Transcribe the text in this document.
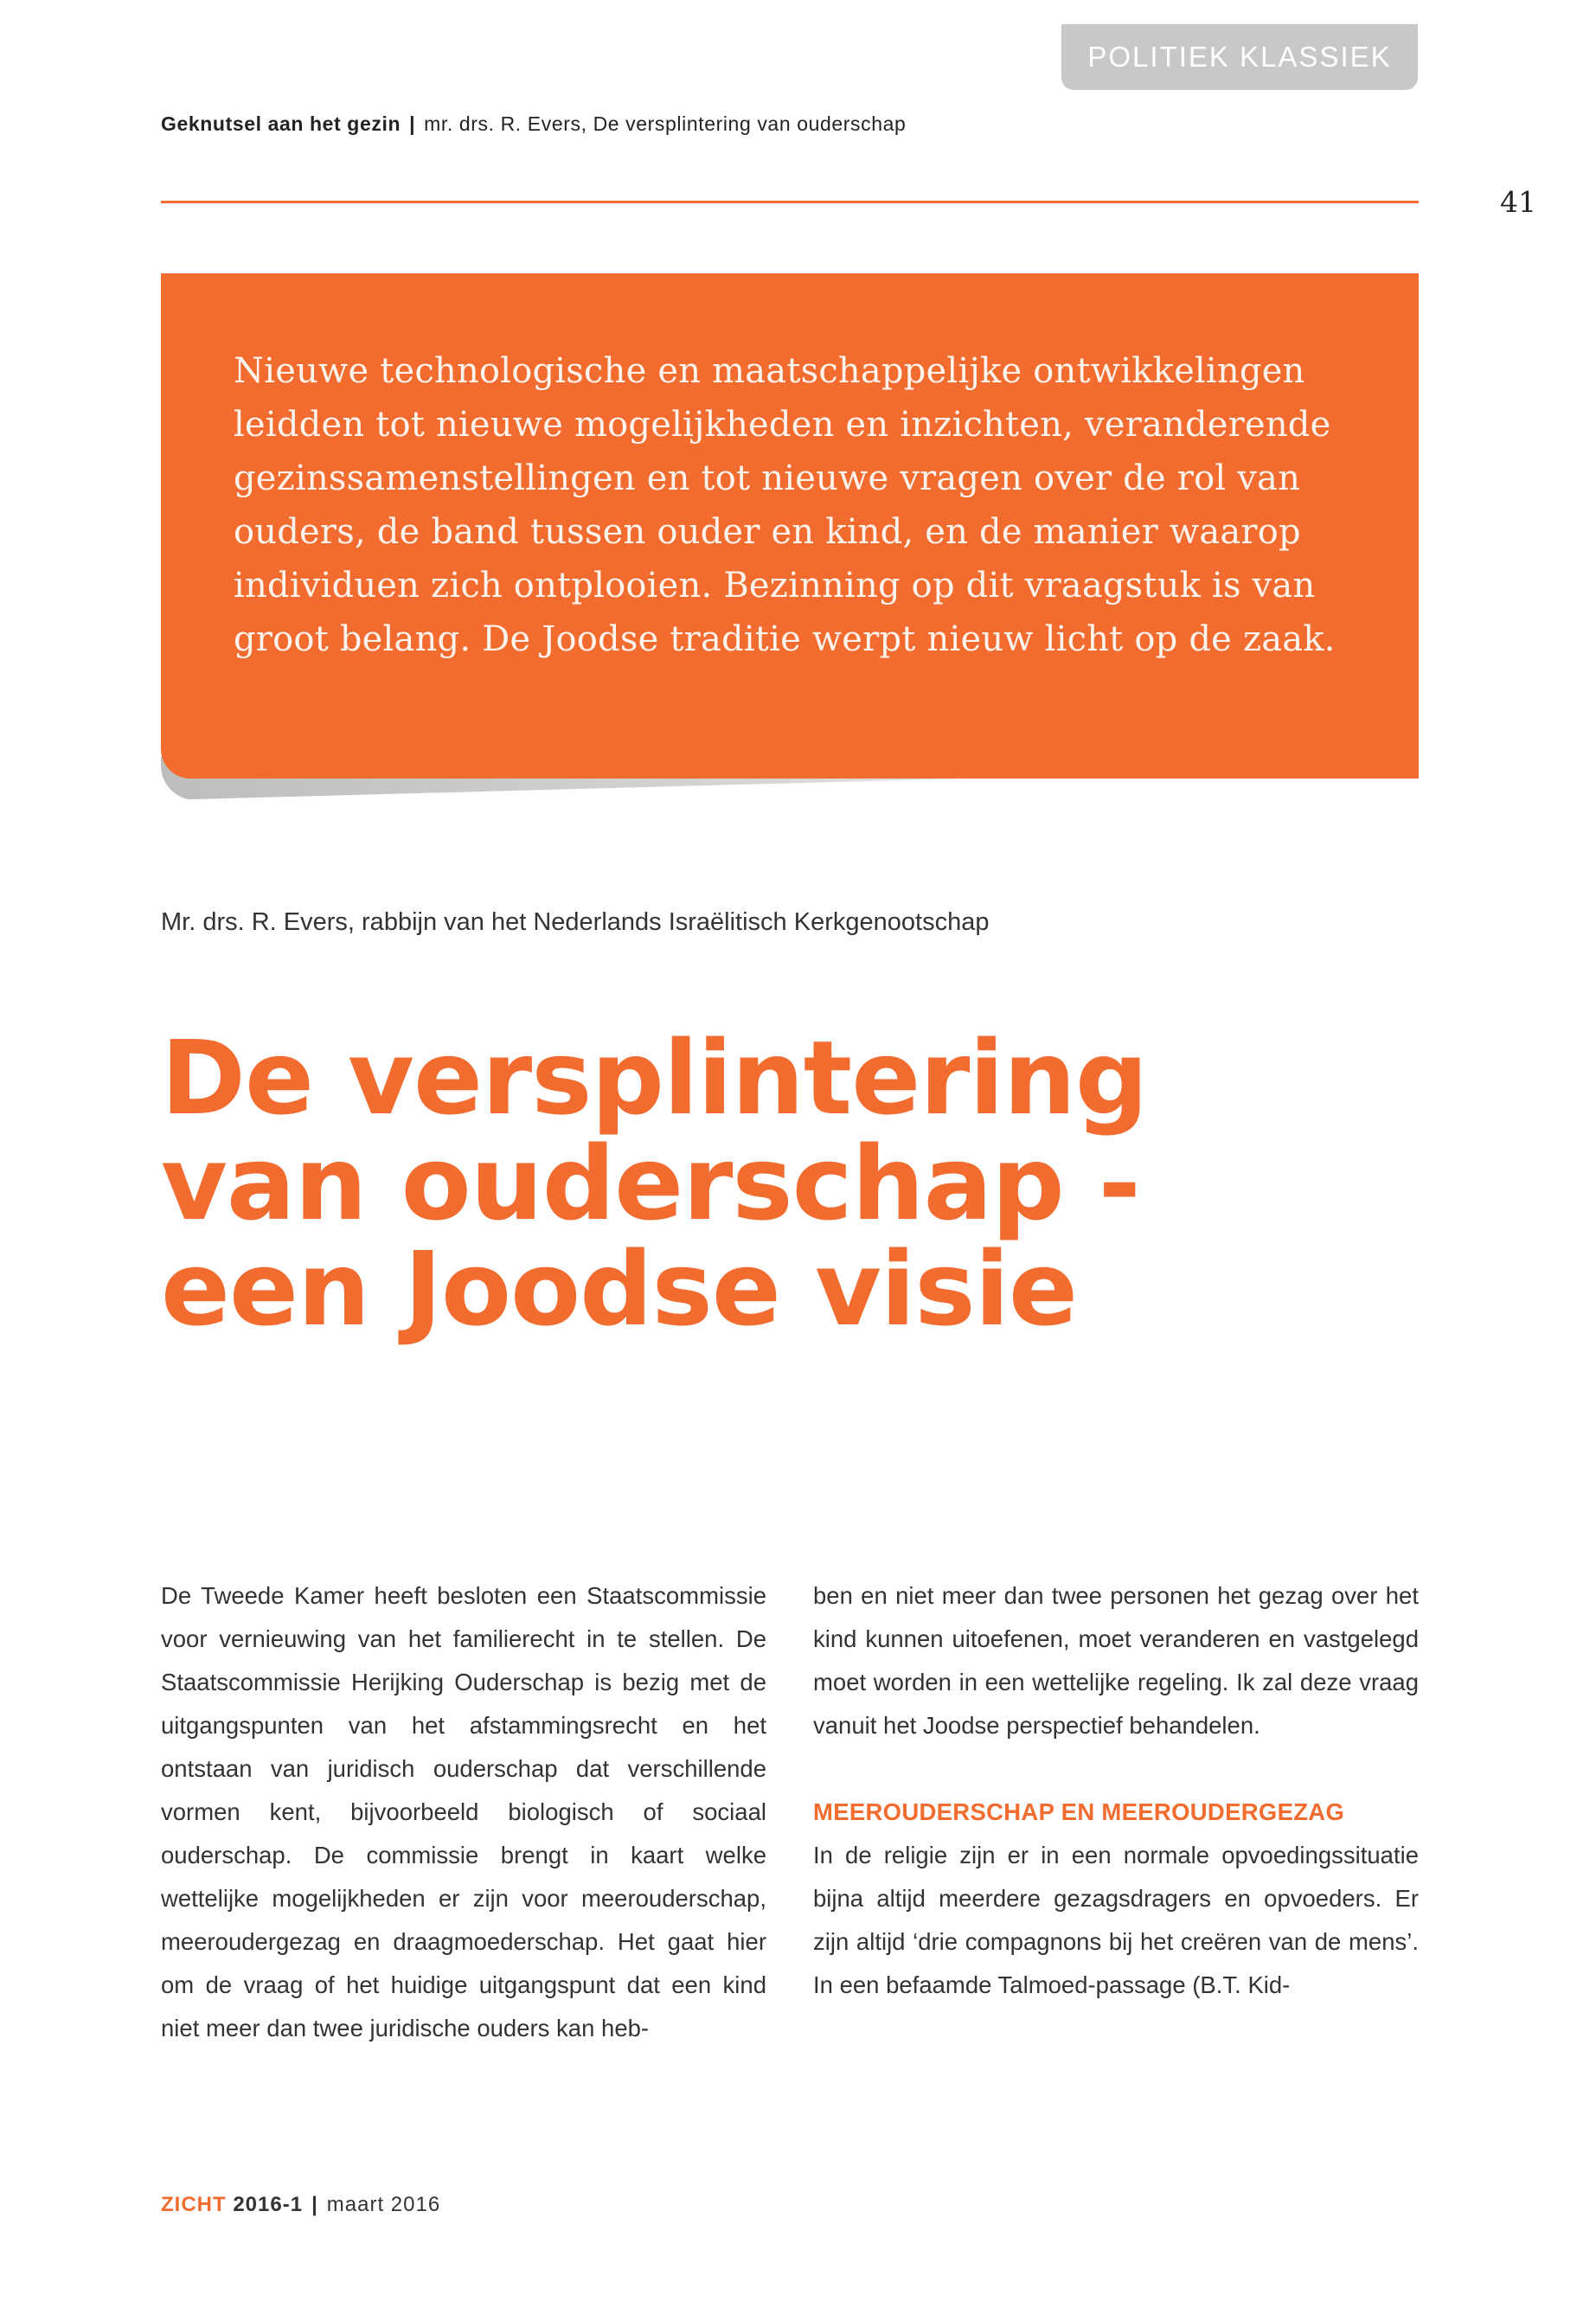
POLITIEK KLASSIEK
Geknutsel aan het gezin | mr. drs. R. Evers, De versplintering van ouderschap
41

Nieuwe technologische en maatschappelijke ontwikkelingen leidden tot nieuwe mogelijkheden en inzichten, veranderende gezinssamenstellingen en tot nieuwe vragen over de rol van ouders, de band tussen ouder en kind, en de manier waarop individuen zich ontplooien. Bezinning op dit vraagstuk is van groot belang. De Joodse traditie werpt nieuw licht op de zaak.

Mr. drs. R. Evers, rabbijn van het Nederlands Israëlitisch Kerkgenootschap
De versplintering
van ouderschap -
een Joodse visie

De Tweede Kamer heeft besloten een Staatscommissie voor vernieuwing van het familierecht in te stellen. De Staatscommissie Herijking Ouderschap is bezig met de uitgangspunten van het afstammingsrecht en het ontstaan van juridisch ouderschap dat verschillende vormen kent, bijvoorbeeld biologisch of sociaal ouderschap. De commissie brengt in kaart welke wettelijke mogelijkheden er zijn voor meerouderschap, meeroudergezag en draagmoederschap. Het gaat hier om de vraag of het huidige uitgangspunt dat een kind niet meer dan twee juridische ouders kan heb-

ben en niet meer dan twee personen het gezag over het kind kunnen uitoefenen, moet veranderen en vastgelegd moet worden in een wettelijke regeling. Ik zal deze vraag vanuit het Joodse perspectief behandelen.

MEEROUDERSCHAP EN MEEROUDERGEZAG

In de religie zijn er in een normale opvoedingssituatie bijna altijd meerdere gezagsdragers en opvoeders. Er zijn altijd ‘drie compagnons bij het creëren van de mens’. In een befaamde Talmoed-passage (B.T. Kid-

ZICHT 2016-1 | maart 2016
